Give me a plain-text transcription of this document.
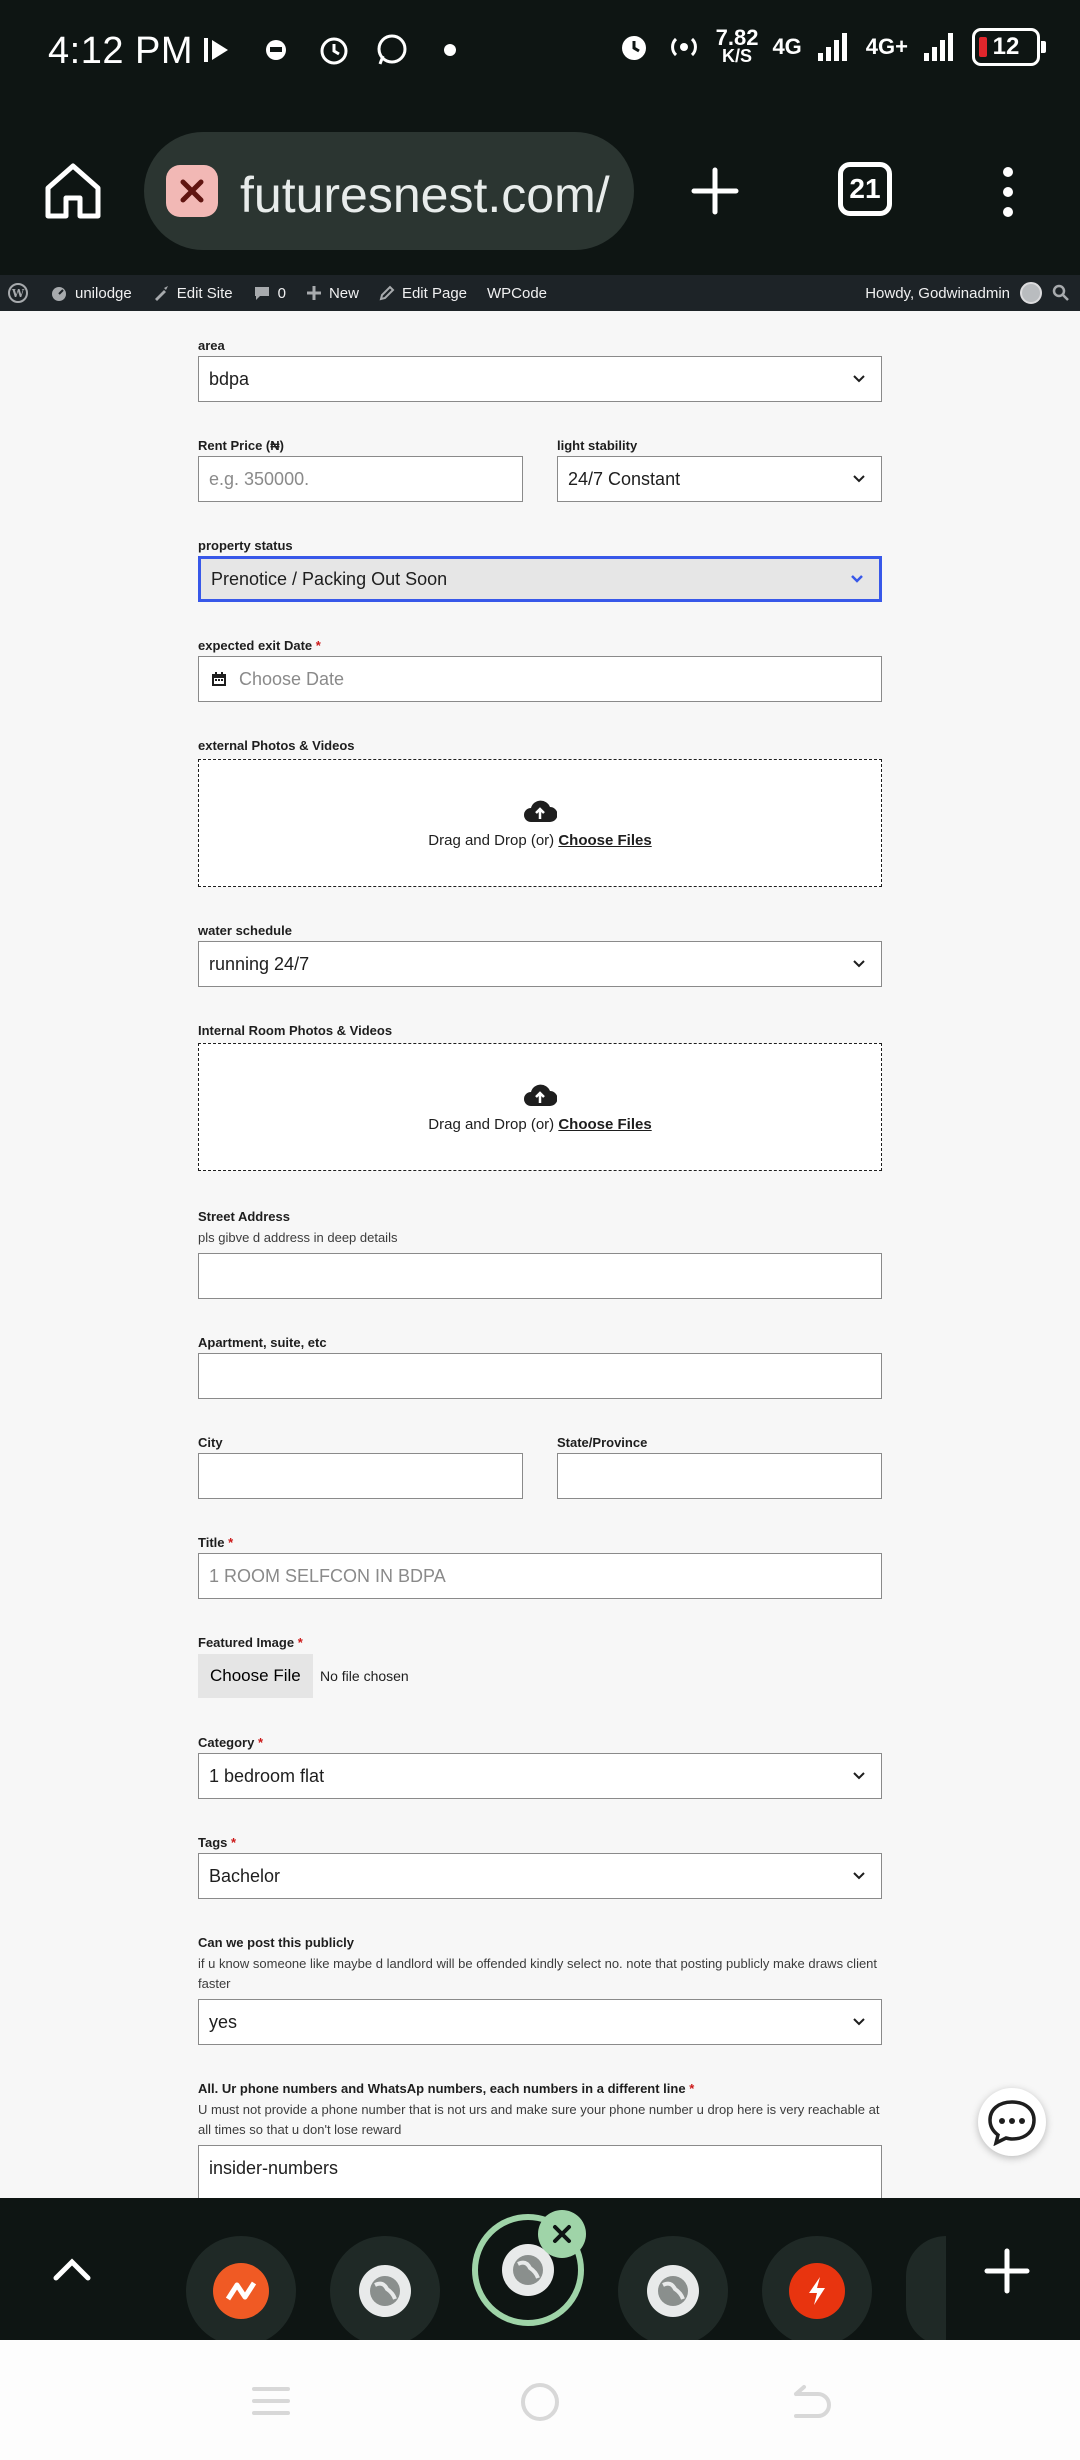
4:12 PM	7.82
K/S 4G	4G+	12
futuresnest.com/	21
W	unilodge	Edit Site	0	New	Edit Page WPCode	Howdy, Godwinadmin
area
bdpa
Rent Price (₦)
e.g. 350000.
light stability
24/7 Constant
property status
Prenotice / Packing Out Soon
expected exit Date *
Choose Date
external Photos & Videos
Drag and Drop (or) Choose Files
water schedule
running 24/7
Internal Room Photos & Videos
Drag and Drop (or) Choose Files
Street Address
pls gibve d address in deep details
Apartment, suite, etc
City	State/Province
Title *
1 ROOM SELFCON IN BDPA
Featured Image *
Choose File	No file chosen
Category *
1 bedroom flat
Tags *
Bachelor
Can we post this publicly
if u know someone like maybe d landlord will be offended kindly select no. note that posting publicly make draws client faster
yes
All. Ur phone numbers and WhatsAp numbers, each numbers in a different line *
U must not provide a phone number that is not urs and make sure your phone number u drop here is very reachable at all times so that u don't lose reward
insider-numbers
